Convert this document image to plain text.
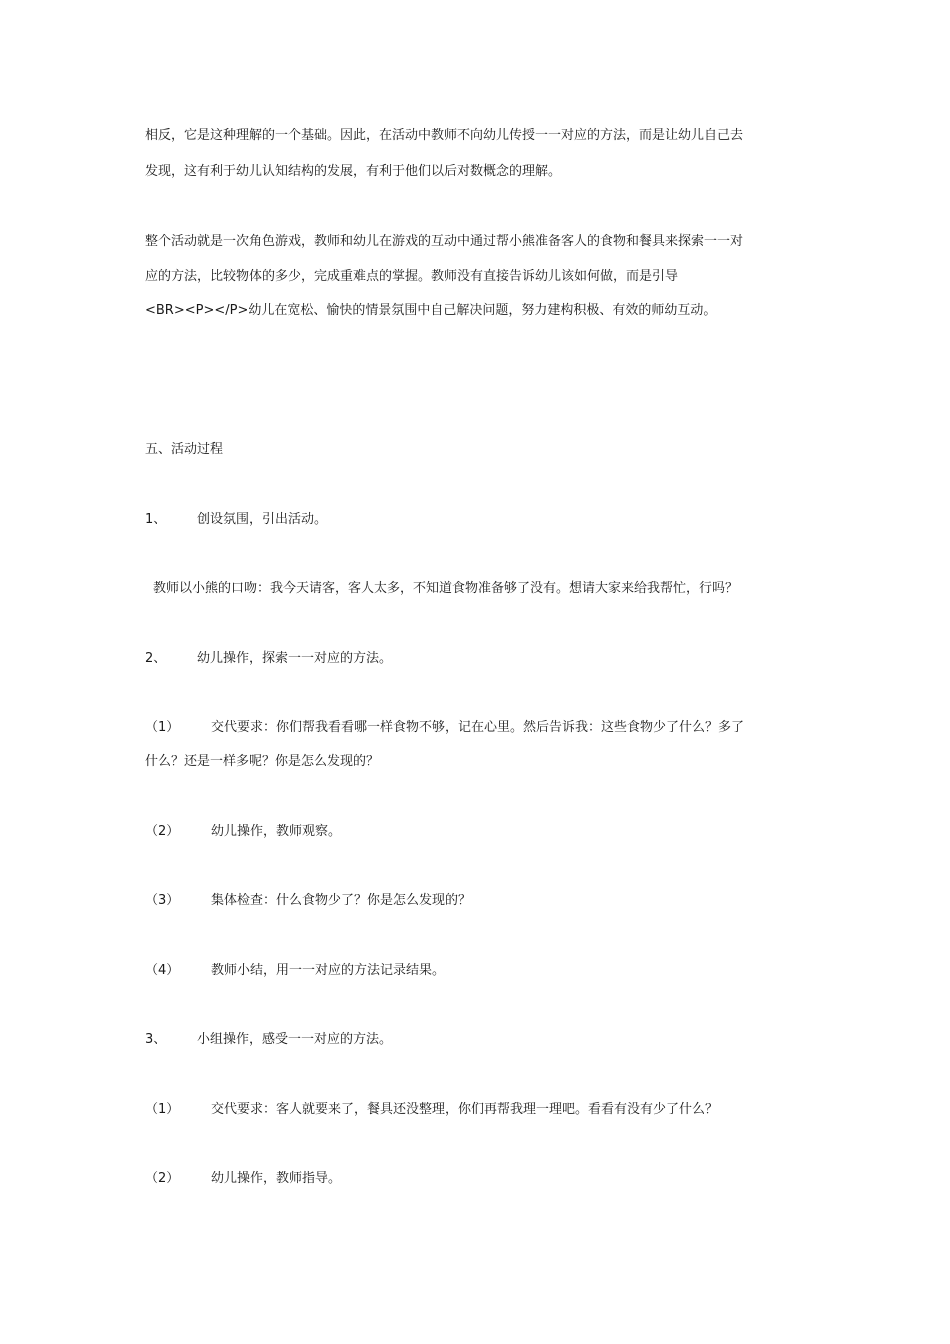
相反，它是这种理解的一个基础。因此，在活动中教师不向幼儿传授一一对应的方法，而是让幼儿自己去
发现，这有利于幼儿认知结构的发展，有利于他们以后对数概念的理解。
整个活动就是一次角色游戏，教师和幼儿在游戏的互动中通过帮小熊准备客人的食物和餐具来探索一一对
应的方法，比较物体的多少，完成重难点的掌握。教师没有直接告诉幼儿该如何做，而是引导
<BR><P></P>幼儿在宽松、愉快的情景氛围中自己解决问题，努力建构积极、有效的师幼互动。
五、活动过程
1、 创设氛围，引出活动。
教师以小熊的口吻：我今天请客，客人太多，不知道食物准备够了没有。想请大家来给我帮忙，行吗？
2、 幼儿操作，探索一一对应的方法。
（1） 交代要求：你们帮我看看哪一样食物不够，记在心里。然后告诉我：这些食物少了什么？多了
什么？还是一样多呢？你是怎么发现的？
（2） 幼儿操作，教师观察。
（3） 集体检查：什么食物少了？你是怎么发现的？
（4） 教师小结，用一一对应的方法记录结果。
3、 小组操作，感受一一对应的方法。
（1） 交代要求：客人就要来了，餐具还没整理，你们再帮我理一理吧。看看有没有少了什么？
（2） 幼儿操作，教师指导。
